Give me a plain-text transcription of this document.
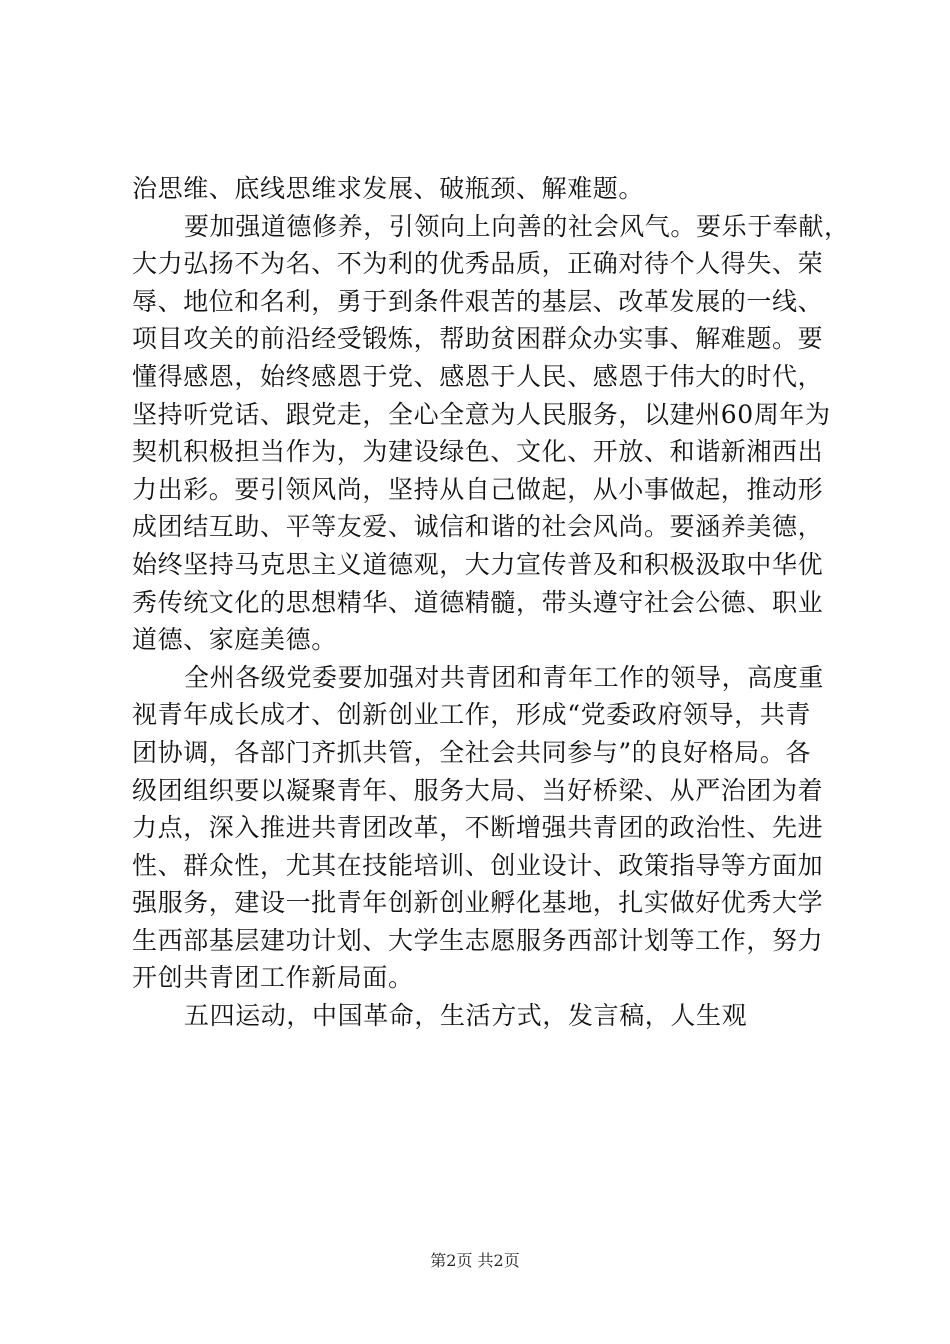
治思维、底线思维求发展、破瓶颈、解难题。
要加强道德修养，引领向上向善的社会风气。要乐于奉献，
大力弘扬不为名、不为利的优秀品质，正确对待个人得失、荣
辱、地位和名利，勇于到条件艰苦的基层、改革发展的一线、
项目攻关的前沿经受锻炼，帮助贫困群众办实事、解难题。要
懂得感恩，始终感恩于党、感恩于人民、感恩于伟大的时代，
坚持听党话、跟党走，全心全意为人民服务，以建州60周年为
契机积极担当作为，为建设绿色、文化、开放、和谐新湘西出
力出彩。要引领风尚，坚持从自己做起，从小事做起，推动形
成团结互助、平等友爱、诚信和谐的社会风尚。要涵养美德，
始终坚持马克思主义道德观，大力宣传普及和积极汲取中华优
秀传统文化的思想精华、道德精髓，带头遵守社会公德、职业
道德、家庭美德。
全州各级党委要加强对共青团和青年工作的领导，高度重
视青年成长成才、创新创业工作，形成“党委政府领导，共青
团协调，各部门齐抓共管，全社会共同参与”的良好格局。各
级团组织要以凝聚青年、服务大局、当好桥梁、从严治团为着
力点，深入推进共青团改革，不断增强共青团的政治性、先进
性、群众性，尤其在技能培训、创业设计、政策指导等方面加
强服务，建设一批青年创新创业孵化基地，扎实做好优秀大学
生西部基层建功计划、大学生志愿服务西部计划等工作，努力
开创共青团工作新局面。
五四运动，中国革命，生活方式，发言稿，人生观
第2页 共2页
